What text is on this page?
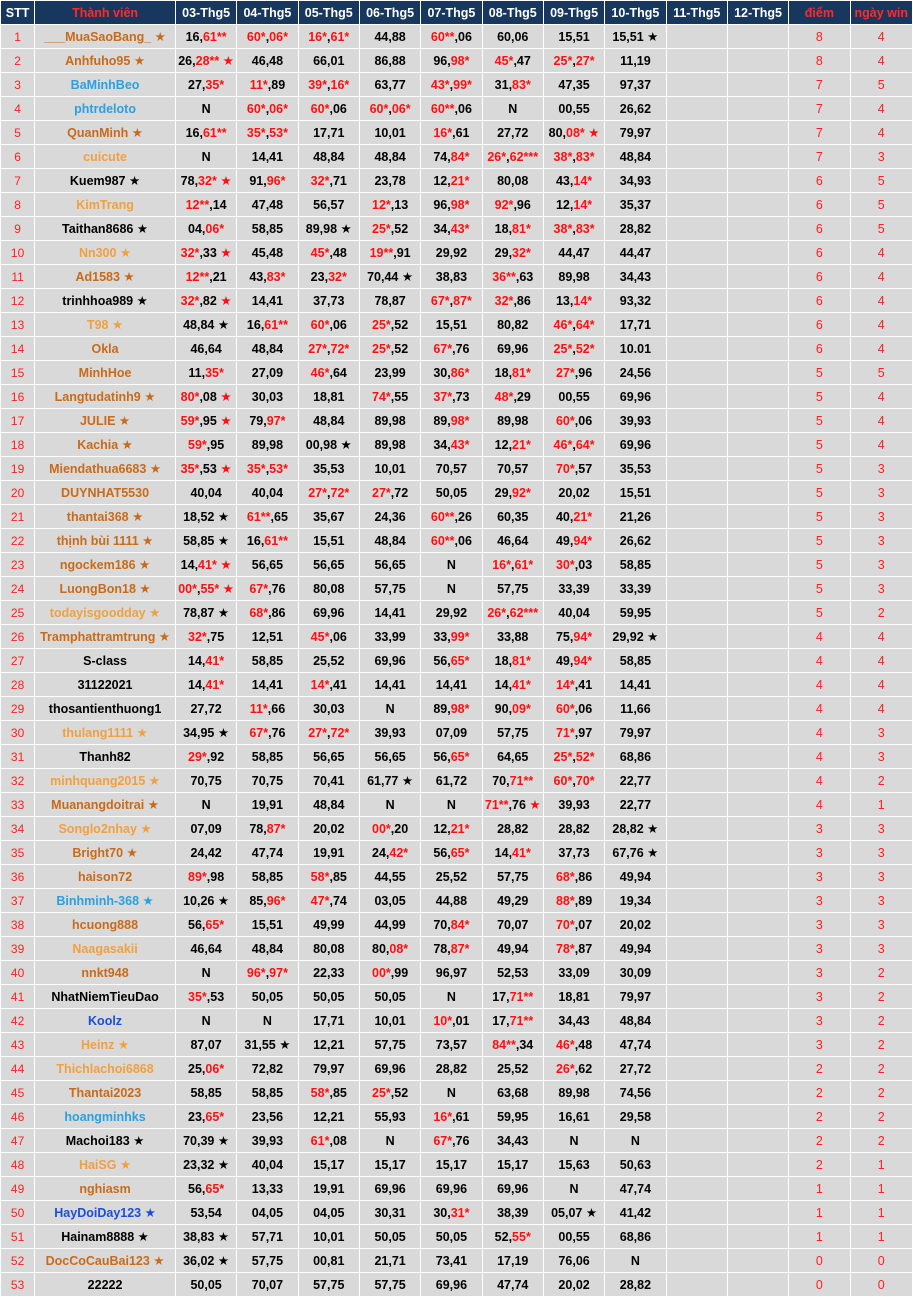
STT	Thành viên	03-Thg5	04-Thg5	05-Thg5	06-Thg5	07-Thg5	08-Thg5	09-Thg5	10-Thg5	11-Thg5	12-Thg5	điểm	ngày win
1	___MuaSaoBang_ ★	16,61**	60*,06*	16*,61*	44,88	60**,06	60,06	15,51	15,51 ★			8	4
2	Anhfuho95 ★	26,28** ★	46,48	66,01	86,88	96,98*	45*,47	25*,27*	11,19			8	4
3	BaMinhBeo	27,35*	11*,89	39*,16*	63,77	43*,99*	31,83*	47,35	97,37			7	5
4	phtrdeloto	N	60*,06*	60*,06	60*,06*	60**,06	N	00,55	26,62			7	4
5	QuanMinh ★	16,61**	35*,53*	17,71	10,01	16*,61	27,72	80,08* ★	79,97			7	4
6	cuicute	N	14,41	48,84	48,84	74,84*	26*,62***	38*,83*	48,84			7	3
7	Kuem987 ★	78,32* ★	91,96*	32*,71	23,78	12,21*	80,08	43,14*	34,93			6	5
8	KimTrang	12**,14	47,48	56,57	12*,13	96,98*	92*,96	12,14*	35,37			6	5
9	Taithan8686 ★	04,06*	58,85	89,98 ★	25*,52	34,43*	18,81*	38*,83*	28,82			6	5
10	Nn300 ★	32*,33 ★	45,48	45*,48	19**,91	29,92	29,32*	44,47	44,47			6	4
11	Ad1583 ★	12**,21	43,83*	23,32*	70,44 ★	38,83	36**,63	89,98	34,43			6	4
12	trinhhoa989 ★	32*,82 ★	14,41	37,73	78,87	67*,87*	32*,86	13,14*	93,32			6	4
13	T98 ★	48,84 ★	16,61**	60*,06	25*,52	15,51	80,82	46*,64*	17,71			6	4
14	Okla	46,64	48,84	27*,72*	25*,52	67*,76	69,96	25*,52*	10.01			6	4
15	MinhHoe	11,35*	27,09	46*,64	23,99	30,86*	18,81*	27*,96	24,56			5	5
16	Langtudatinh9 ★	80*,08 ★	30,03	18,81	74*,55	37*,73	48*,29	00,55	69,96			5	4
17	JULIE ★	59*,95 ★	79,97*	48,84	89,98	89,98*	89,98	60*,06	39,93			5	4
18	Kachia ★	59*,95	89,98	00,98 ★	89,98	34,43*	12,21*	46*,64*	69,96			5	4
19	Miendathua6683 ★	35*,53 ★	35*,53*	35,53	10,01	70,57	70,57	70*,57	35,53			5	3
20	DUYNHAT5530	40,04	40,04	27*,72*	27*,72	50,05	29,92*	20,02	15,51			5	3
21	thantai368 ★	18,52 ★	61**,65	35,67	24,36	60**,26	60,35	40,21*	21,26			5	3
22	thịnh bùi 1111 ★	58,85 ★	16,61**	15,51	48,84	60**,06	46,64	49,94*	26,62			5	3
23	ngockem186 ★	14,41* ★	56,65	56,65	56,65	N	16*,61*	30*,03	58,85			5	3
24	LuongBon18 ★	00*,55* ★	67*,76	80,08	57,75	N	57,75	33,39	33,39			5	3
25	todayisgoodday ★	78,87 ★	68*,86	69,96	14,41	29,92	26*,62***	40,04	59,95			5	2
26	Tramphattramtrung ★	32*,75	12,51	45*,06	33,99	33,99*	33,88	75,94*	29,92 ★			4	4
27	S-class	14,41*	58,85	25,52	69,96	56,65*	18,81*	49,94*	58,85			4	4
28	31122021	14,41*	14,41	14*,41	14,41	14,41	14,41*	14*,41	14,41			4	4
29	thosantienthuong1	27,72	11*,66	30,03	N	89,98*	90,09*	60*,06	11,66			4	4
30	thulang1111 ★	34,95 ★	67*,76	27*,72*	39,93	07,09	57,75	71*,97	79,97			4	3
31	Thanh82	29*,92	58,85	56,65	56,65	56,65*	64,65	25*,52*	68,86			4	3
32	minhquang2015 ★	70,75	70,75	70,41	61,77 ★	61,72	70,71**	60*,70*	22,77			4	2
33	Muanangdoitrai ★	N	19,91	48,84	N	N	71**,76 ★	39,93	22,77			4	1
34	Songlo2nhay ★	07,09	78,87*	20,02	00*,20	12,21*	28,82	28,82	28,82 ★			3	3
35	Bright70 ★	24,42	47,74	19,91	24,42*	56,65*	14,41*	37,73	67,76 ★			3	3
36	haison72	89*,98	58,85	58*,85	44,55	25,52	57,75	68*,86	49,94			3	3
37	Binhminh-368 ★	10,26 ★	85,96*	47*,74	03,05	44,88	49,29	88*,89	19,34			3	3
38	hcuong888	56,65*	15,51	49,99	44,99	70,84*	70,07	70*,07	20,02			3	3
39	Naagasakii	46,64	48,84	80,08	80,08*	78,87*	49,94	78*,87	49,94			3	3
40	nnkt948	N	96*,97*	22,33	00*,99	96,97	52,53	33,09	30,09			3	2
41	NhatNiemTieuDao	35*,53	50,05	50,05	50,05	N	17,71**	18,81	79,97			3	2
42	Koolz	N	N	17,71	10,01	10*,01	17,71**	34,43	48,84			3	2
43	Heinz ★	87,07	31,55 ★	12,21	57,75	73,57	84**,34	46*,48	47,74			3	2
44	Thichlachoi6868	25,06*	72,82	79,97	69,96	28,82	25,52	26*,62	27,72			2	2
45	Thantai2023	58,85	58,85	58*,85	25*,52	N	63,68	89,98	74,56			2	2
46	hoangminhks	23,65*	23,56	12,21	55,93	16*,61	59,95	16,61	29,58			2	2
47	Machoi183 ★	70,39 ★	39,93	61*,08	N	67*,76	34,43	N	N			2	2
48	HaiSG ★	23,32 ★	40,04	15,17	15,17	15,17	15,17	15,63	50,63			2	1
49	nghiasm	56,65*	13,33	19,91	69,96	69,96	69,96	N	47,74			1	1
50	HayDoiDay123 ★	53,54	04,05	04,05	30,31	30,31*	38,39	05,07 ★	41,42			1	1
51	Hainam8888 ★	38,83 ★	57,71	10,01	50,05	50,05	52,55*	00,55	68,86			1	1
52	DocCoCauBai123 ★	36,02 ★	57,75	00,81	21,71	73,41	17,19	76,06	N			0	0
53	22222	50,05	70,07	57,75	57,75	69,96	47,74	20,02	28,82			0	0
